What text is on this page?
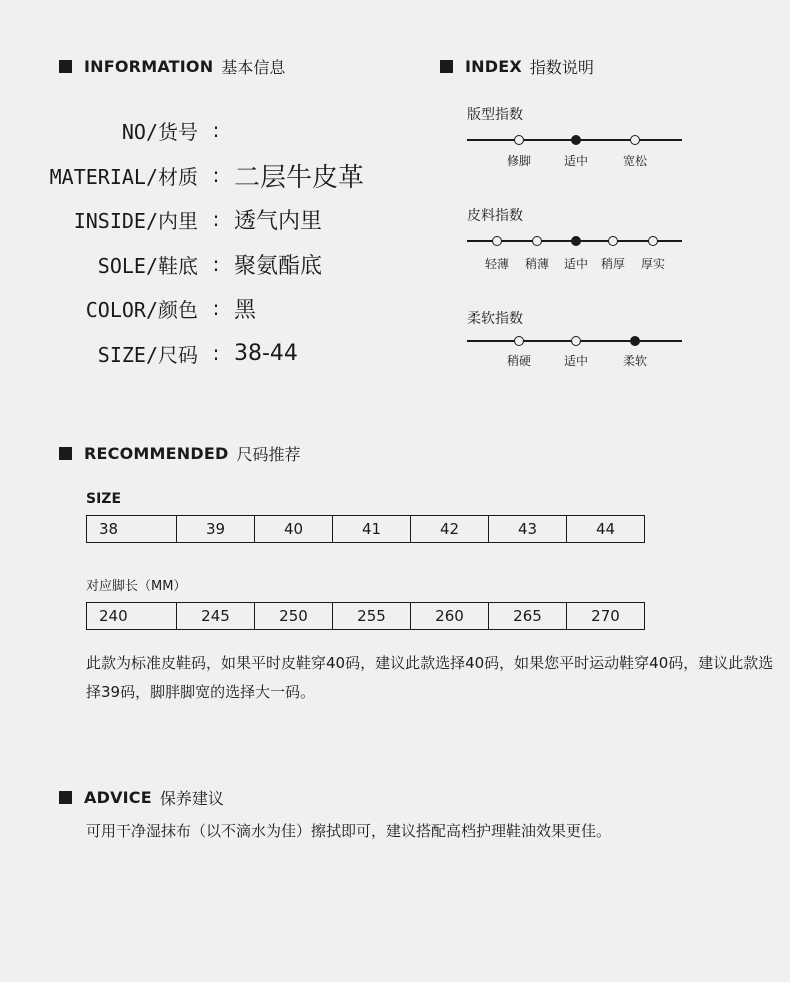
INFORMATION 基本信息	INDEX 指数说明
NO/货号 :
MATERIAL/材质 : 二层牛皮革
INSIDE/内里 : 透气内里
SOLE/鞋底 : 聚氨酯底
COLOR/颜色 : 黑
SIZE/尺码 : 38-44
版型指数
修脚	适中	宽松
皮料指数
轻薄	稍薄	适中	稍厚	厚实
柔软指数
稍硬	适中	柔软
RECOMMENDED 尺码推荐
SIZE
38	39	40	41	42	43	44
对应脚长（MM）
240	245	250	255	260	265	270
此款为标准皮鞋码，如果平时皮鞋穿40码，建议此款选择40码，如果您平时运动鞋穿40码，建议此款选择39码，脚胖脚宽的选择大一码。
ADVICE 保养建议
可用干净湿抹布（以不滴水为佳）擦拭即可，建议搭配高档护理鞋油效果更佳。
